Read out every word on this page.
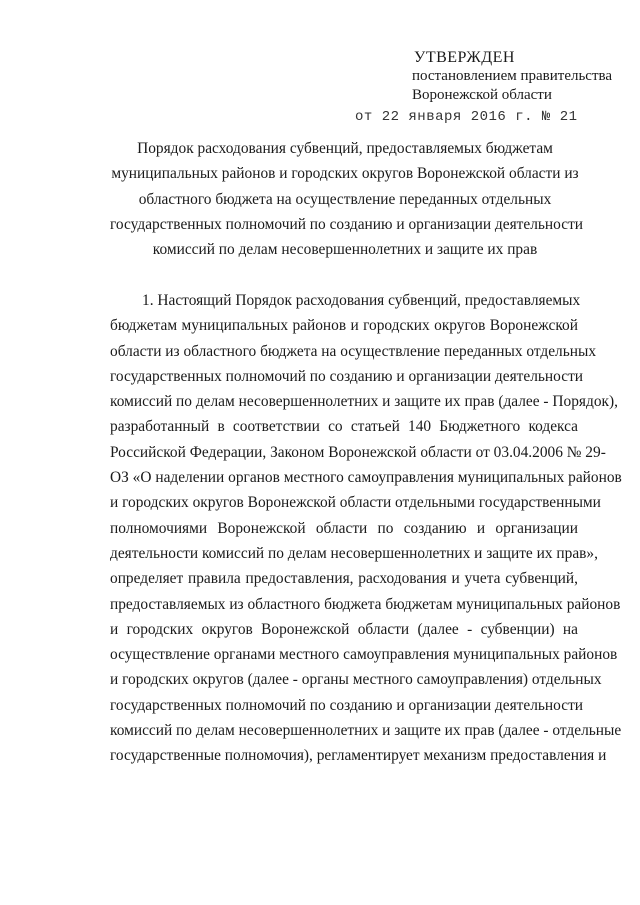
УТВЕРЖДЕН
постановлением правительства
Воронежской области
от 22 января 2016 г. № 21
Порядок расходования субвенций, предоставляемых бюджетам
муниципальных районов и городских округов Воронежской области из
областного бюджета на осуществление переданных отдельных
государственных полномочий по созданию и организации деятельности
комиссий по делам несовершеннолетних и защите их прав
1. Настоящий Порядок расходования субвенций, предоставляемых
бюджетам муниципальных районов и городских округов Воронежской
области из областного бюджета на осуществление переданных отдельных
государственных полномочий по созданию и организации деятельности
комиссий по делам несовершеннолетних и защите их прав (далее - Порядок),
разработанный в соответствии со статьей 140 Бюджетного кодекса
Российской Федерации, Законом Воронежской области от 03.04.2006 № 29-
ОЗ «О наделении органов местного самоуправления муниципальных районов
и городских округов Воронежской области отдельными государственными
полномочиями Воронежской области по созданию и организации
деятельности комиссий по делам несовершеннолетних и защите их прав»,
определяет правила предоставления, расходования и учета субвенций,
предоставляемых из областного бюджета бюджетам муниципальных районов
и городских округов Воронежской области (далее - субвенции) на
осуществление органами местного самоуправления муниципальных районов
и городских округов (далее - органы местного самоуправления) отдельных
государственных полномочий по созданию и организации деятельности
комиссий по делам несовершеннолетних и защите их прав (далее - отдельные
государственные полномочия), регламентирует механизм предоставления и
